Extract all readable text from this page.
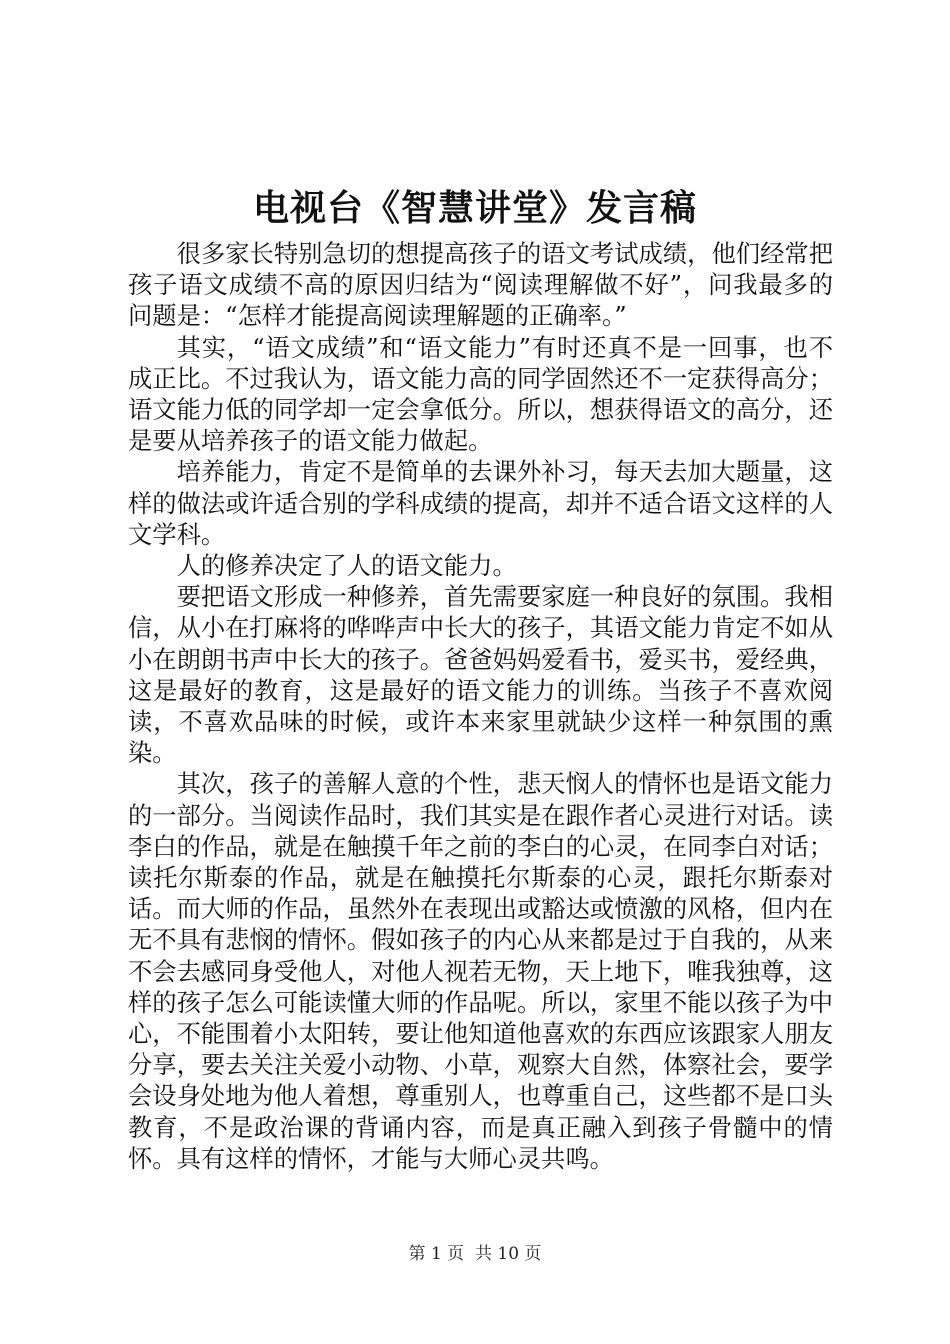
电视台《智慧讲堂》发言稿

很多家长特别急切的想提高孩子的语文考试成绩，他们经常把孩子语文成绩不高的原因归结为“阅读理解做不好”，问我最多的问题是：“怎样才能提高阅读理解题的正确率。”

其实，“语文成绩”和“语文能力”有时还真不是一回事，也不成正比。不过我认为，语文能力高的同学固然还不一定获得高分；语文能力低的同学却一定会拿低分。所以，想获得语文的高分，还是要从培养孩子的语文能力做起。

培养能力，肯定不是简单的去课外补习，每天去加大题量，这样的做法或许适合别的学科成绩的提高，却并不适合语文这样的人文学科。

人的修养决定了人的语文能力。

要把语文形成一种修养，首先需要家庭一种良好的氛围。我相信，从小在打麻将的哗哗声中长大的孩子，其语文能力肯定不如从小在朗朗书声中长大的孩子。爸爸妈妈爱看书，爱买书，爱经典，这是最好的教育，这是最好的语文能力的训练。当孩子不喜欢阅读，不喜欢品味的时候，或许本来家里就缺少这样一种氛围的熏染。

其次，孩子的善解人意的个性，悲天悯人的情怀也是语文能力的一部分。当阅读作品时，我们其实是在跟作者心灵进行对话。读李白的作品，就是在触摸千年之前的李白的心灵，在同李白对话；读托尔斯泰的作品，就是在触摸托尔斯泰的心灵，跟托尔斯泰对话。而大师的作品，虽然外在表现出或豁达或愤激的风格，但内在无不具有悲悯的情怀。假如孩子的内心从来都是过于自我的，从来不会去感同身受他人，对他人视若无物，天上地下，唯我独尊，这样的孩子怎么可能读懂大师的作品呢。所以，家里不能以孩子为中心，不能围着小太阳转，要让他知道他喜欢的东西应该跟家人朋友分享，要去关注关爱小动物、小草，观察大自然，体察社会，要学会设身处地为他人着想，尊重别人，也尊重自己，这些都不是口头教育，不是政治课的背诵内容，而是真正融入到孩子骨髓中的情怀。具有这样的情怀，才能与大师心灵共鸣。

第 1 页 共 10 页
